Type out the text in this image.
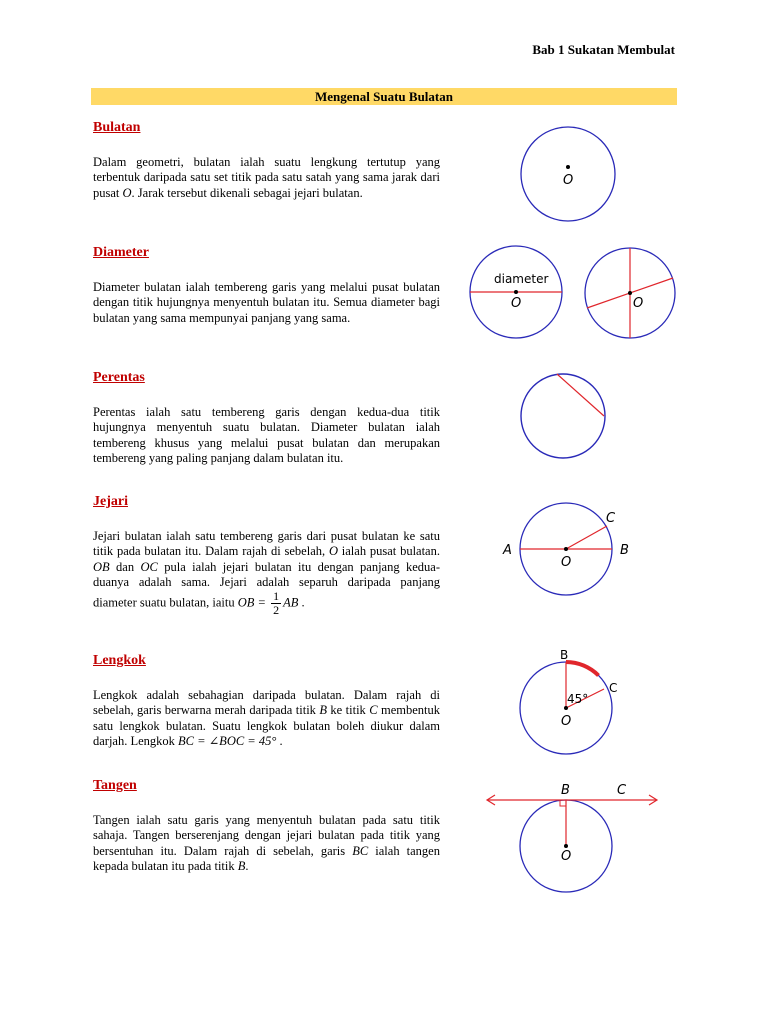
Bab 1 Sukatan Membulat
Mengenal Suatu Bulatan
Bulatan

Dalam geometri, bulatan ialah suatu lengkung tertutup yang terbentuk daripada satu set titik pada satu satah yang sama jarak dari pusat O. Jarak tersebut dikenali sebagai jejari bulatan.

Diameter

Diameter bulatan ialah tembereng garis yang melalui pusat bulatan dengan titik hujungnya menyentuh bulatan itu. Semua diameter bagi bulatan yang sama mempunyai panjang yang sama.

Perentas

Perentas ialah satu tembereng garis dengan kedua-dua titik hujungnya menyentuh suatu bulatan. Diameter bulatan ialah tembereng khusus yang melalui pusat bulatan dan merupakan tembereng yang paling panjang dalam bulatan itu.

Jejari

Jejari bulatan ialah satu tembereng garis dari pusat bulatan ke satu titik pada bulatan itu. Dalam rajah di sebelah, O ialah pusat bulatan. OB dan OC pula ialah jejari bulatan itu dengan panjang kedua-duanya adalah sama. Jejari adalah separuh daripada panjang diameter suatu bulatan, iaitu OB = $\frac{1}{2}$ AB .

Lengkok

Lengkok adalah sebahagian daripada bulatan. Dalam rajah di sebelah, garis berwarna merah daripada titik B ke titik C membentuk satu lengkok bulatan. Suatu lengkok bulatan boleh diukur dalam darjah. Lengkok BC = ∠BOC = 45° .

Tangen

Tangen ialah satu garis yang menyentuh bulatan pada satu titik sahaja. Tangen berserenjang dengan jejari bulatan pada titik yang bersentuhan itu. Dalam rajah di sebelah, garis BC ialah tangen kepada bulatan itu pada titik B.

O
diameter
O	O
A	B
C
O
B
C
45°
O
B	C
O
